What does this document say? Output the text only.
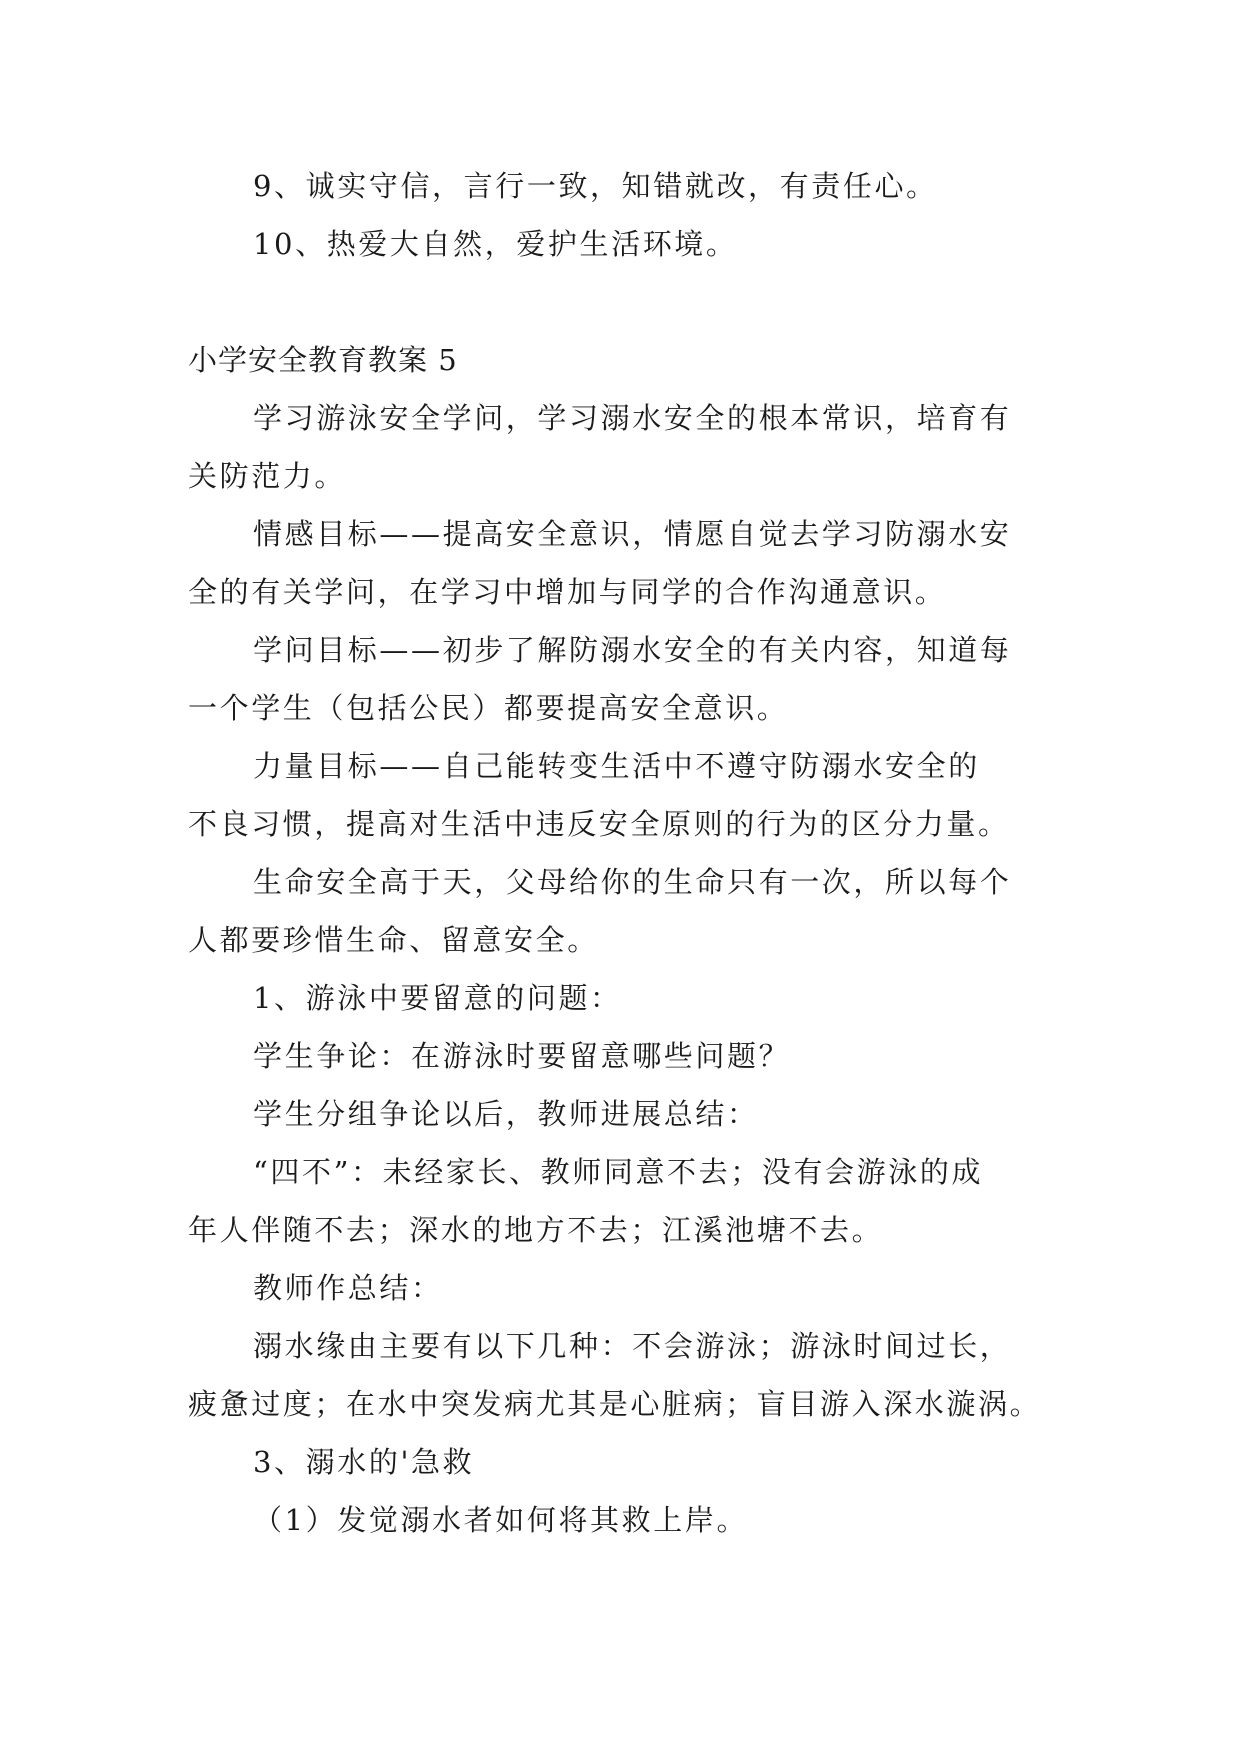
9、诚实守信，言行一致，知错就改，有责任心。

10、热爱大自然，爱护生活环境。

小学安全教育教案 5

学习游泳安全学问，学习溺水安全的根本常识，培育有

关防范力。

情感目标——提高安全意识，情愿自觉去学习防溺水安

全的有关学问，在学习中增加与同学的合作沟通意识。

学问目标——初步了解防溺水安全的有关内容，知道每

一个学生（包括公民）都要提高安全意识。

力量目标——自己能转变生活中不遵守防溺水安全的

不良习惯，提高对生活中违反安全原则的行为的区分力量。

生命安全高于天，父母给你的生命只有一次，所以每个

人都要珍惜生命、留意安全。

1、游泳中要留意的问题：

学生争论：在游泳时要留意哪些问题？

学生分组争论以后，教师进展总结：

“四不”：未经家长、教师同意不去；没有会游泳的成

年人伴随不去；深水的地方不去；江溪池塘不去。

教师作总结：

溺水缘由主要有以下几种：不会游泳；游泳时间过长，

疲惫过度；在水中突发病尤其是心脏病；盲目游入深水漩涡。

3、溺水的'急救

（1）发觉溺水者如何将其救上岸。
